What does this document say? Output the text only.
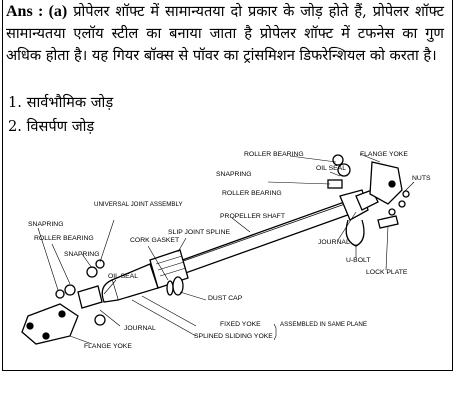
Ans : (a) प्रोपेलर शॉफ्ट में सामान्यतया दो प्रकार के जोड़ होते हैं, प्रोपेलर शॉफ्ट सामान्यतया एलॉय स्टील का बनाया जाता है प्रोपेलर शॉफ्ट में टफनेस का गुण अधिक होता है। यह गियर बॉक्स से पॉवर का ट्रांसमिशन डिफरेन्शियल को करता है।
1. सार्वभौमिक जोड़
2. विसर्पण जोड़
ROLLER BEARING	FLANGE YOKE
SNAPRING
OIL SEAL
NUTS
ROLLER BEARING
UNIVERSAL JOINT ASSEMBLY
PROPELLER SHAFT
JOURNAL
SNAPRING
SLIP JOINT SPLINE
CORK GASKET
ROLLER BEARING
SNAPRING
U-BOLT
LOCK PLATE
OIL SEAL
DUST CAP
FIXED YOKE
SPLINED SLIDING YOKE
ASSEMBLED IN SAME PLANE
JOURNAL
FLANGE YOKE
